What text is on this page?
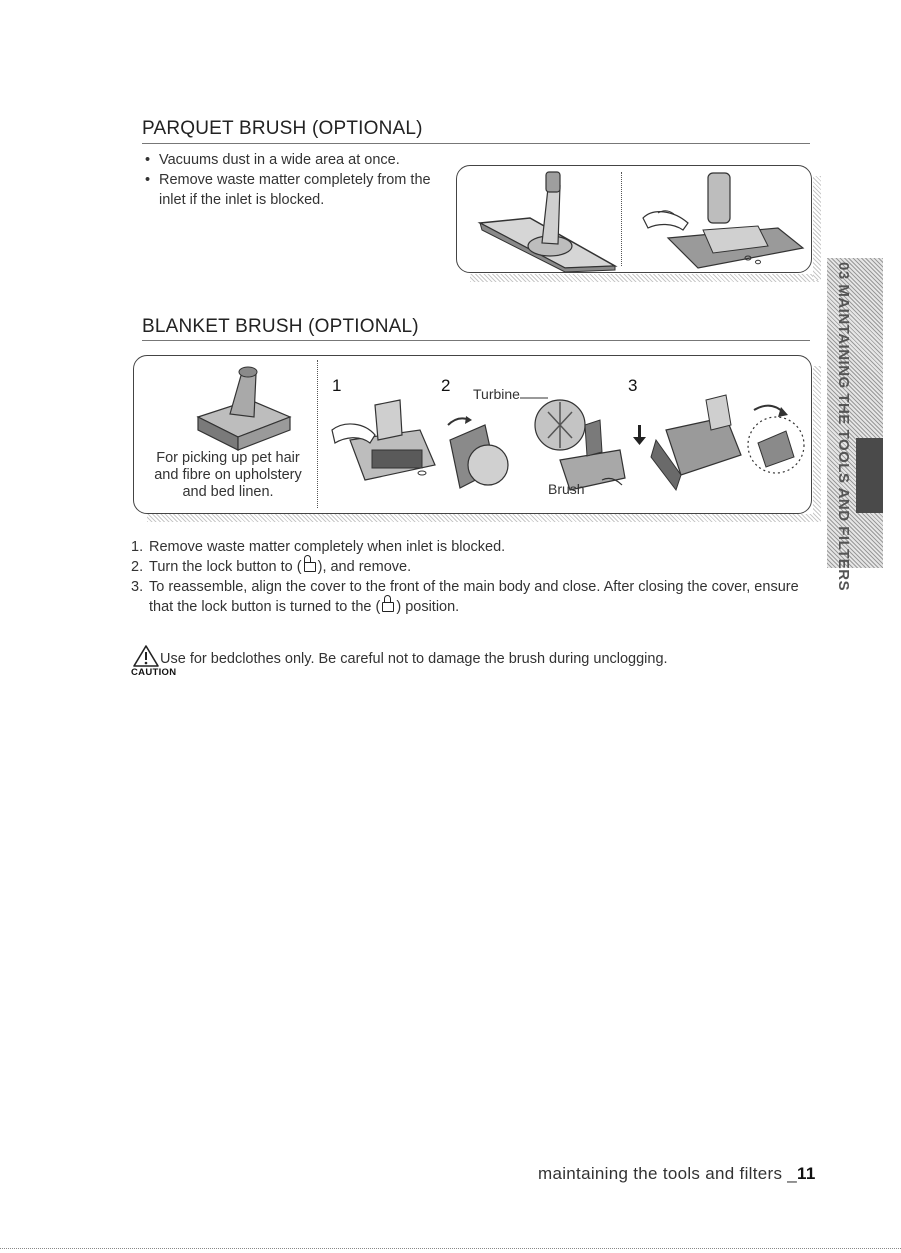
PARQUET BRUSH (OPTIONAL)
• Vacuums dust in a wide area at once.
• Remove waste matter completely from the inlet if the inlet is blocked.
BLANKET BRUSH (OPTIONAL)
For picking up pet hair
and fibre on upholstery
and bed linen.
1	2	3
Turbine
Brush
1. Remove waste matter completely when inlet is blocked.
2. Turn the lock button to ( ), and remove.
3. To reassemble, align the cover to the front of the main body and close. After closing the cover, ensure that the lock button is turned to the ( ) position.
CAUTION
Use for bedclothes only. Be careful not to damage the brush during unclogging.
03 MAINTAINING THE TOOLS AND FILTERS
maintaining the tools and filters _11
